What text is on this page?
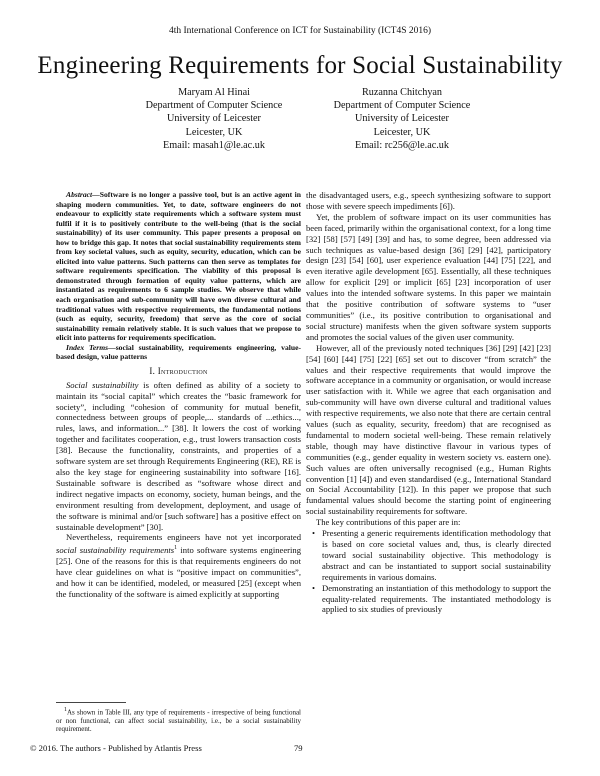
4th International Conference on ICT for Sustainability (ICT4S 2016)
Engineering Requirements for Social Sustainability
Maryam Al Hinai
Department of Computer Science
University of Leicester
Leicester, UK
Email: masah1@le.ac.uk
Ruzanna Chitchyan
Department of Computer Science
University of Leicester
Leicester, UK
Email: rc256@le.ac.uk

Abstract—Software is no longer a passive tool, but is an active agent in shaping modern communities. Yet, to date, software engineers do not endeavour to explicitly state requirements which a software system must fulfil if it is to positively contribute to the well-being (that is the social sustainability) of its user community. This paper presents a proposal on how to bridge this gap. It notes that social sustainability requirements stem from key societal values, such as equity, security, education, which can be elicited into value patterns. Such patterns can then serve as templates for software requirements specification. The viability of this proposal is demonstrated through formation of equity value patterns, which are instantiated as requirements to 6 sample studies. We observe that while each organisation and sub-community will have own diverse cultural and traditional values with respective requirements, the fundamental notions (such as equity, security, freedom) that serve as the core of social sustainability remain relatively stable. It is such values that we propose to elicit into patterns for requirements specification.

Index Terms—social sustainability, requirements engineering, value-based design, value patterns

I. Introduction

Social sustainability is often defined as ability of a society to maintain its “social capital” which creates the “basic framework for society”, including “cohesion of community for mutual benefit, connectedness between groups of people,... standards of ...ethics..., rules, laws, and information...” [38]. It lowers the cost of working together and facilitates cooperation, e.g., trust lowers transaction costs [38]. Because the functionality, constraints, and properties of a software system are set through Requirements Engineering (RE), RE is also the key stage for engineering sustainability into software [16]. Sustainable software is described as “software whose direct and indirect negative impacts on economy, society, human beings, and the environment resulting from development, deployment, and usage of the software is minimal and/or [such software] has a positive effect on sustainable development” [30].

Nevertheless, requirements engineers have not yet incorporated social sustainability requirements$^1$ into software systems engineering [25]. One of the reasons for this is that requirements engineers do not have clear guidelines on what is “positive impact on communities”, and how it can be identified, modeled, or measured [25] (except when the functionality of the software is aimed explicitly at supporting

$^1$As shown in Table III, any type of requirements - irrespective of being functional or non functional, can affect social sustainability, i.e., be a social sustainability requirement.

the disadvantaged users, e.g., speech synthesizing software to support those with severe speech impediments [6]).

Yet, the problem of software impact on its user communities has been faced, primarily within the organisational context, for a long time [32] [58] [57] [49] [39] and has, to some degree, been addressed via such techniques as value-based design [36] [29] [42], participatory design [23] [54] [60], user experience evaluation [44] [75] [22], and even iterative agile development [65]. Essentially, all these techniques allow for explicit [29] or implicit [65] [23] incorporation of user values into the intended software systems. In this paper we maintain that the positive contribution of software systems to “user communities” (i.e., its positive contribution to organisational and social structure) manifests when the given software system supports and promotes the social values of the given user community.

However, all of the previously noted techniques [36] [29] [42] [23] [54] [60] [44] [75] [22] [65] set out to discover “from scratch” the values and their respective requirements that would improve the software acceptance in a community or organisation, or would increase user satisfaction with it. While we agree that each organisation and sub-community will have own diverse cultural and traditional values with respective requirements, we also note that there are certain central values (such as equality, security, freedom) that are recognised as fundamental to modern societal well-being. These remain relatively stable, though may have distinctive flavour in various types of communities (e.g., gender equality in western society vs. eastern one). Such values are often universally recognised (e.g., Human Rights convention [1] [4]) and even standardised (e.g., International Standard on Social Accountability [12]). In this paper we propose that such fundamental values should become the starting point of engineering social sustainability requirements for software.

The key contributions of this paper are in:

• Presenting a generic requirements identification methodology that is based on core societal values and, thus, is clearly directed toward social sustainability objective. This methodology is abstract and can be instantiated to support social sustainability requirements in various domains.
• Demonstrating an instantiation of this methodology to support the equality-related requirements. The instantiated methodology is applied to six studies of previously
© 2016. The authors - Published by Atlantis Press	79
